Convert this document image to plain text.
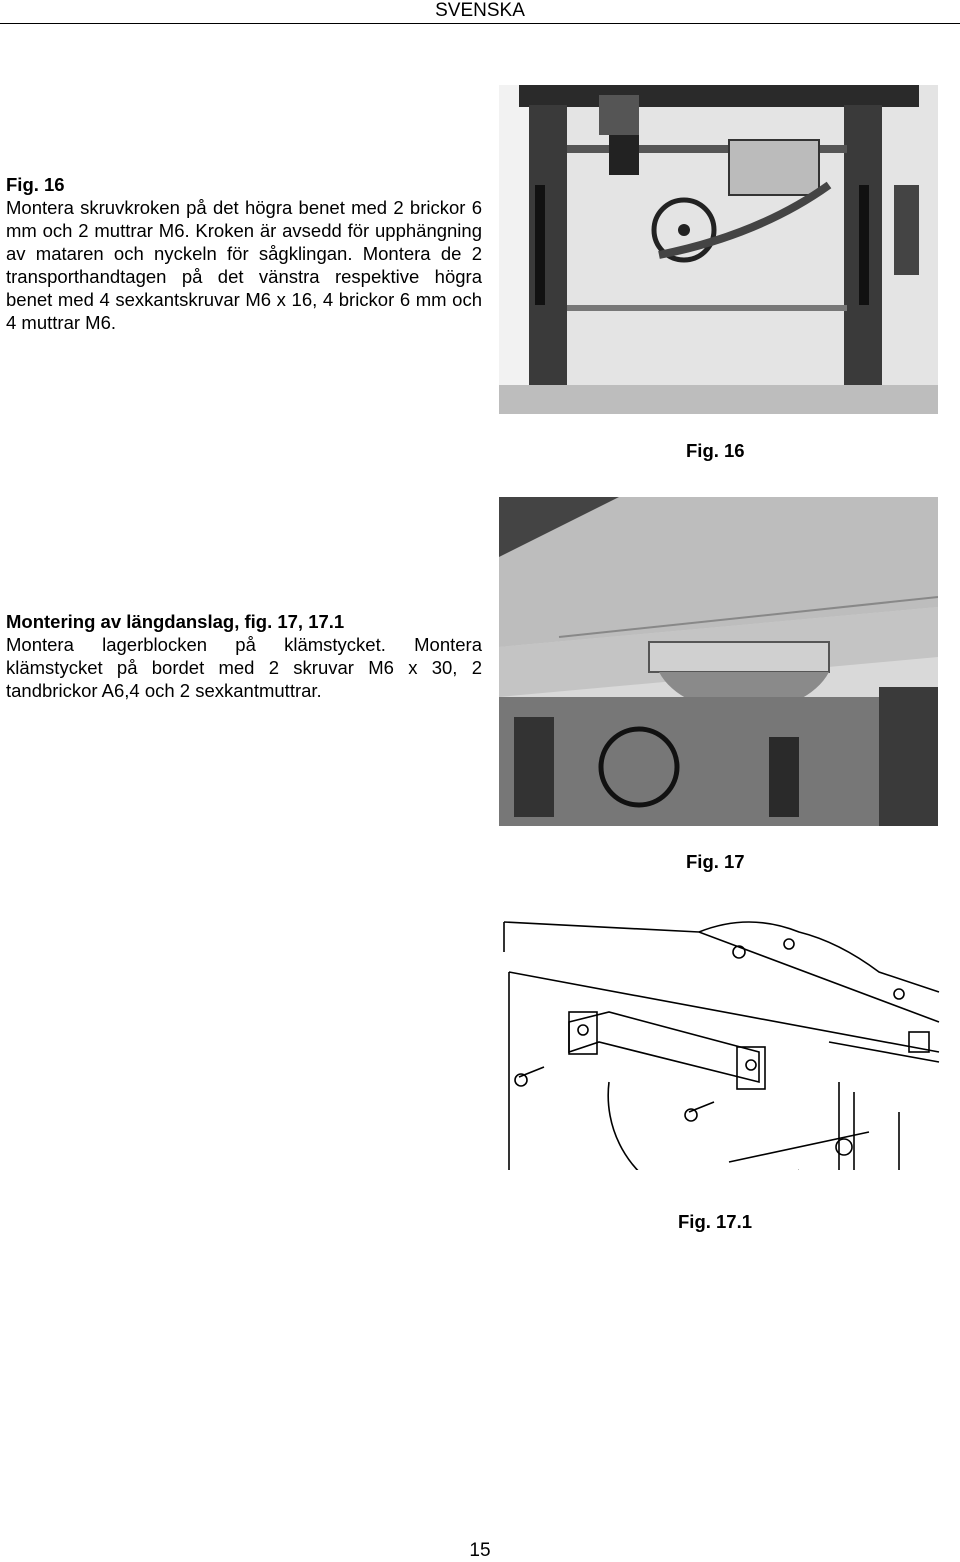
SVENSKA
Fig. 16
Montera skruvkroken på det högra benet med 2 brickor 6 mm och 2 muttrar M6. Kroken är avsedd för upphängning av mataren och nyckeln för sågklingan. Montera de 2 transporthandtagen på det vänstra respektive högra benet med 4 sexkantskruvar M6 x 16, 4 brickor 6 mm och 4 muttrar M6.
Montering av längdanslag, fig. 17, 17.1
Montera lagerblocken på klämstycket. Montera klämstycket på bordet med 2 skruvar M6 x 30, 2 tandbrickor A6,4 och 2 sexkantmuttrar.
Fig. 16
Fig. 17
Fig. 17.1
15
